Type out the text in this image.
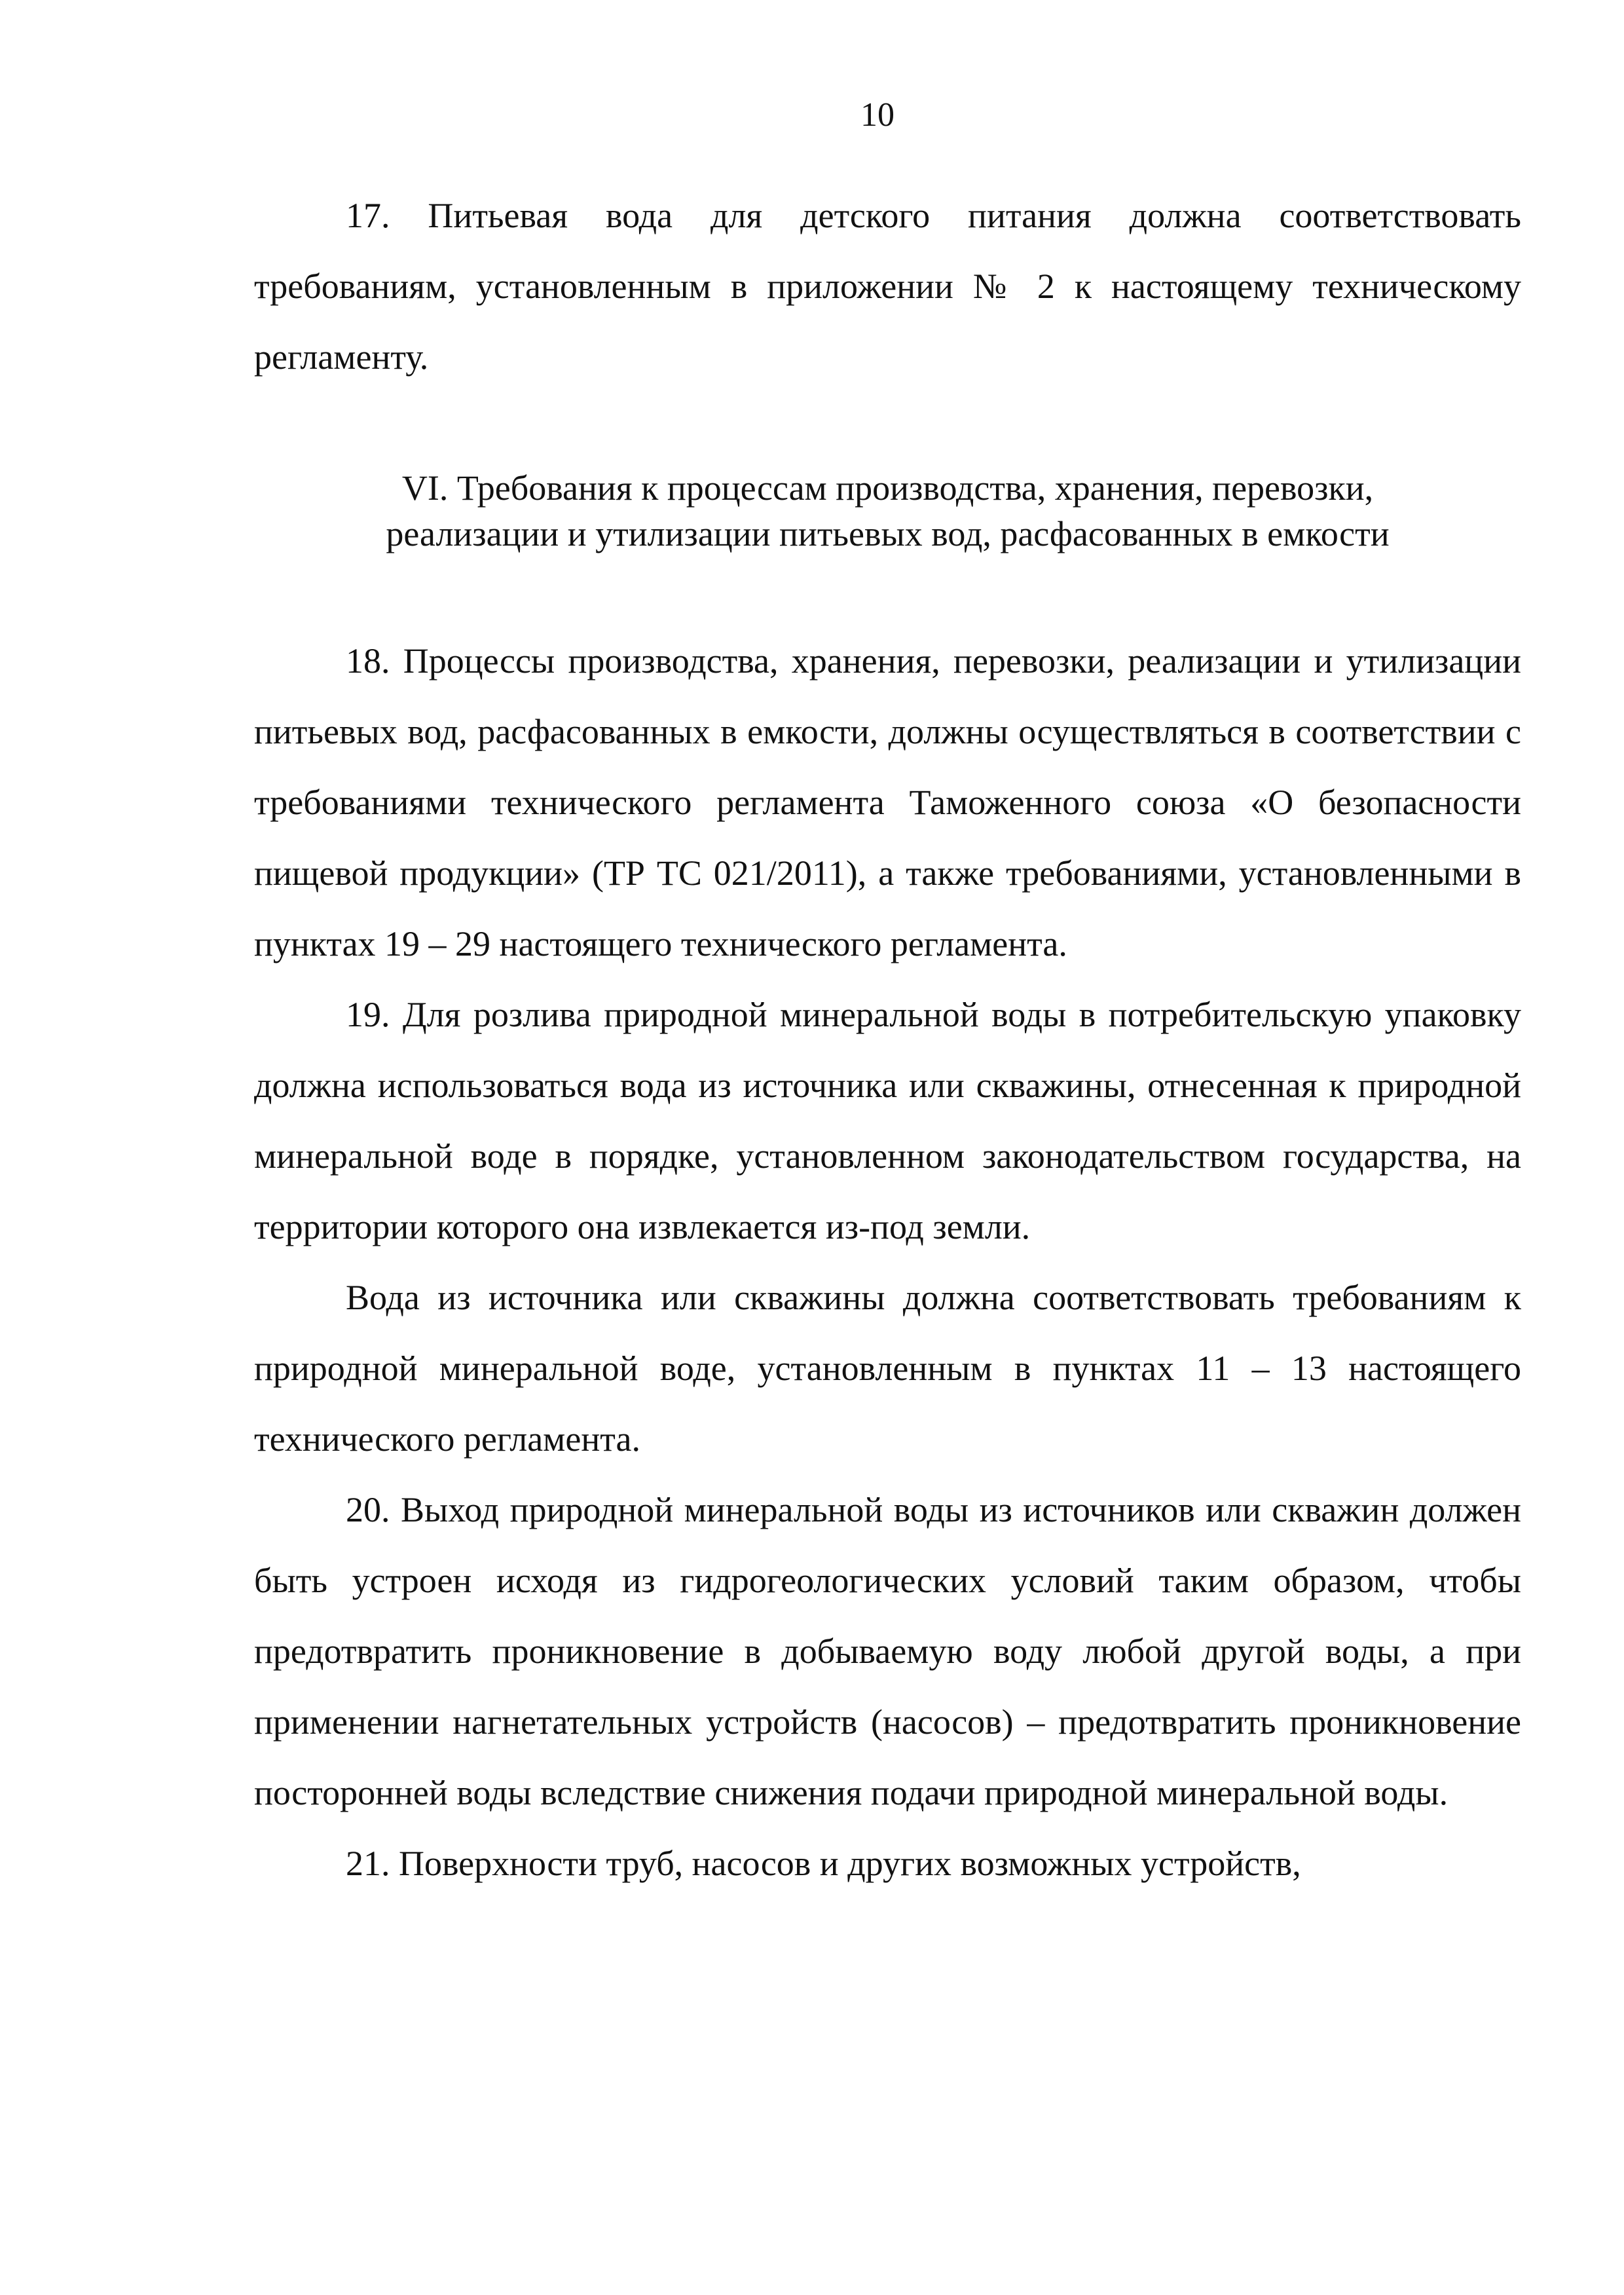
10

17. Питьевая вода для детского питания должна соответствовать требованиям, установленным в приложении № 2 к настоящему техническому регламенту.

VI. Требования к процессам производства, хранения, перевозки,
реализации и утилизации питьевых вод, расфасованных в емкости

18. Процессы производства, хранения, перевозки, реализации и утилизации питьевых вод, расфасованных в емкости, должны осуществляться в соответствии с требованиями технического регламента Таможенного союза «О безопасности пищевой продукции» (ТР ТС 021/2011), а также требованиями, установленными в пунктах 19 – 29 настоящего технического регламента.

19. Для розлива природной минеральной воды в потребительскую упаковку должна использоваться вода из источника или скважины, отнесенная к природной минеральной воде в порядке, установленном законодательством государства, на территории которого она извлекается из-под земли.

Вода из источника или скважины должна соответствовать требованиям к природной минеральной воде, установленным в пунктах 11 – 13 настоящего технического регламента.

20. Выход природной минеральной воды из источников или скважин должен быть устроен исходя из гидрогеологических условий таким образом, чтобы предотвратить проникновение в добываемую воду любой другой воды, а при применении нагнетательных устройств (насосов) – предотвратить проникновение посторонней воды вследствие снижения подачи природной минеральной воды.

21. Поверхности труб, насосов и других возможных устройств,
